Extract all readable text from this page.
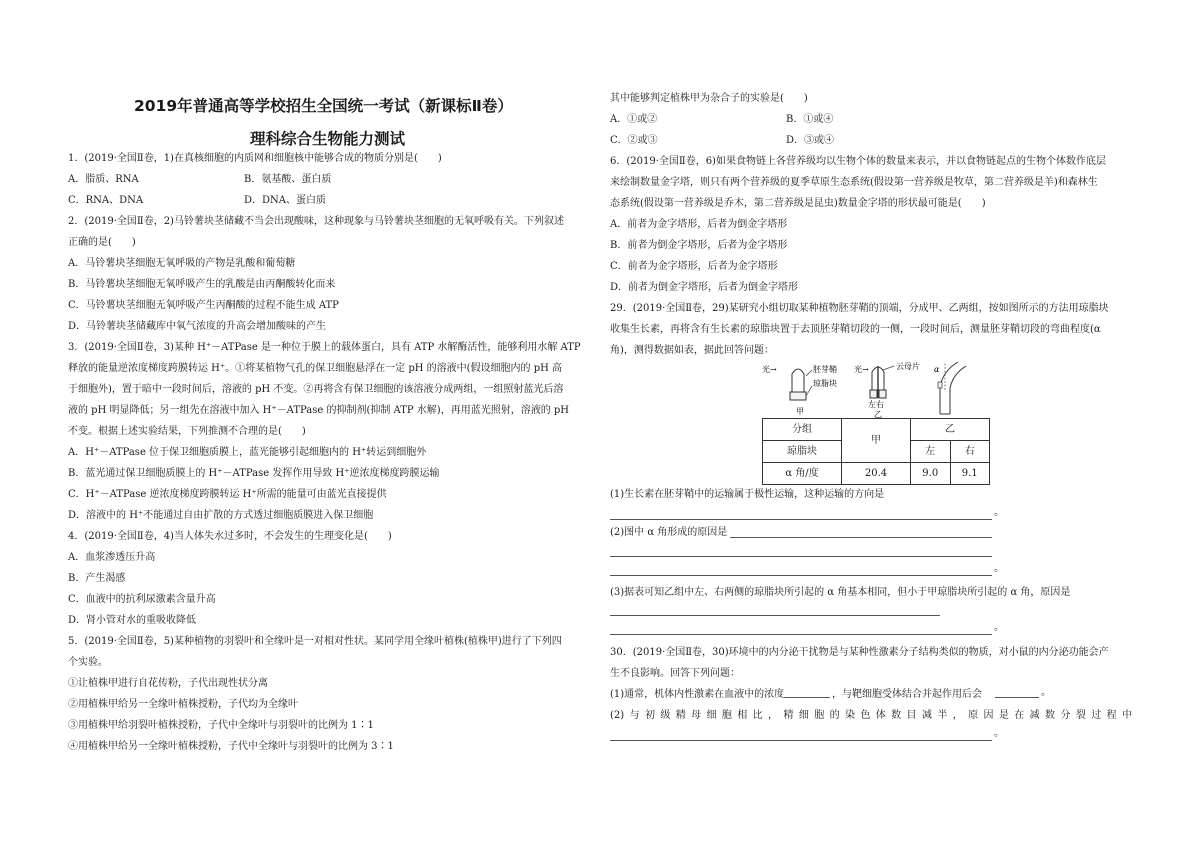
2019年普通高等学校招生全国统一考试（新课标Ⅱ卷）
理科综合生物能力测试
1．(2019·全国Ⅱ卷，1)在真核细胞的内质网和细胞核中能够合成的物质分别是(　　)
A．脂质、RNA	B．氨基酸、蛋白质
C．RNA、DNA	D．DNA、蛋白质
2．(2019·全国Ⅱ卷，2)马铃薯块茎储藏不当会出现酸味，这种现象与马铃薯块茎细胞的无氧呼吸有关。下列叙述
正确的是(　　)
A．马铃薯块茎细胞无氧呼吸的产物是乳酸和葡萄糖
B．马铃薯块茎细胞无氧呼吸产生的乳酸是由丙酮酸转化而来
C．马铃薯块茎细胞无氧呼吸产生丙酮酸的过程不能生成 ATP
D．马铃薯块茎储藏库中氧气浓度的升高会增加酸味的产生
3．(2019·全国Ⅱ卷，3)某种 H⁺－ATPase 是一种位于膜上的载体蛋白，具有 ATP 水解酶活性，能够利用水解 ATP
释放的能量逆浓度梯度跨膜转运 H⁺。①将某植物气孔的保卫细胞悬浮在一定 pH 的溶液中(假设细胞内的 pH 高
于细胞外)，置于暗中一段时间后，溶液的 pH 不变。②再将含有保卫细胞的该溶液分成两组，一组照射蓝光后溶
液的 pH 明显降低；另一组先在溶液中加入 H⁺－ATPase 的抑制剂(抑制 ATP 水解)，再用蓝光照射，溶液的 pH
不变。根据上述实验结果，下列推测不合理的是(　　)
A．H⁺－ATPase 位于保卫细胞质膜上，蓝光能够引起细胞内的 H⁺转运到细胞外
B．蓝光通过保卫细胞质膜上的 H⁺－ATPase 发挥作用导致 H⁺逆浓度梯度跨膜运输
C．H⁺－ATPase 逆浓度梯度跨膜转运 H⁺所需的能量可由蓝光直接提供
D．溶液中的 H⁺不能通过自由扩散的方式透过细胞质膜进入保卫细胞
4．(2019·全国Ⅱ卷，4)当人体失水过多时，不会发生的生理变化是(　　)
A．血浆渗透压升高
B．产生渴感
C．血液中的抗利尿激素含量升高
D．肾小管对水的重吸收降低
5．(2019·全国Ⅱ卷，5)某种植物的羽裂叶和全缘叶是一对相对性状。某同学用全缘叶植株(植株甲)进行了下列四
个实验。
①让植株甲进行自花传粉，子代出现性状分离
②用植株甲给另一全缘叶植株授粉，子代均为全缘叶
③用植株甲给羽裂叶植株授粉，子代中全缘叶与羽裂叶的比例为 1∶1
④用植株甲给另一全缘叶植株授粉，子代中全缘叶与羽裂叶的比例为 3∶1
其中能够判定植株甲为杂合子的实验是(　　)
A．①或②	B．①或④
C．②或③	D．③或④
6．(2019·全国Ⅱ卷，6)如果食物链上各营养级均以生物个体的数量来表示，并以食物链起点的生物个体数作底层
来绘制数量金字塔，则只有两个营养级的夏季草原生态系统(假设第一营养级是牧草，第二营养级是羊)和森林生
态系统(假设第一营养级是乔木，第二营养级是昆虫)数量金字塔的形状最可能是(　　)
A．前者为金字塔形，后者为倒金字塔形
B．前者为倒金字塔形，后者为金字塔形
C．前者为金字塔形，后者为金字塔形
D．前者为倒金字塔形，后者为倒金字塔形
29．(2019·全国Ⅱ卷，29)某研究小组切取某种植物胚芽鞘的顶端，分成甲、乙两组，按如图所示的方法用琼脂块
收集生长素，再将含有生长素的琼脂块置于去顶胚芽鞘切段的一侧，一段时间后，测量胚芽鞘切段的弯曲程度(α
角)，测得数据如表，据此回答问题：
光→	胚芽鞘
琼脂块
甲
光→	云母片
左右
乙
α
分组	甲	乙	
琼脂块		左	右
α 角/度	20.4	9.0	9.1
(1)生长素在胚芽鞘中的运输属于极性运输，这种运输的方向是
。
(2)图中 α 角形成的原因是
。
(3)据表可知乙组中左、右两侧的琼脂块所引起的 α 角基本相同，但小于甲琼脂块所引起的 α 角，原因是
。
30．(2019·全国Ⅱ卷，30)环境中的内分泌干扰物是与某种性激素分子结构类似的物质，对小鼠的内分泌功能会产
生不良影响。回答下列问题：
(1)通常，机体内性激素在血液中的浓度	，与靶细胞受体结合并起作用后会	。
(2)与初级精母细胞相比，精细胞的染色体数目减半，原因是在减数分裂过程中
。
